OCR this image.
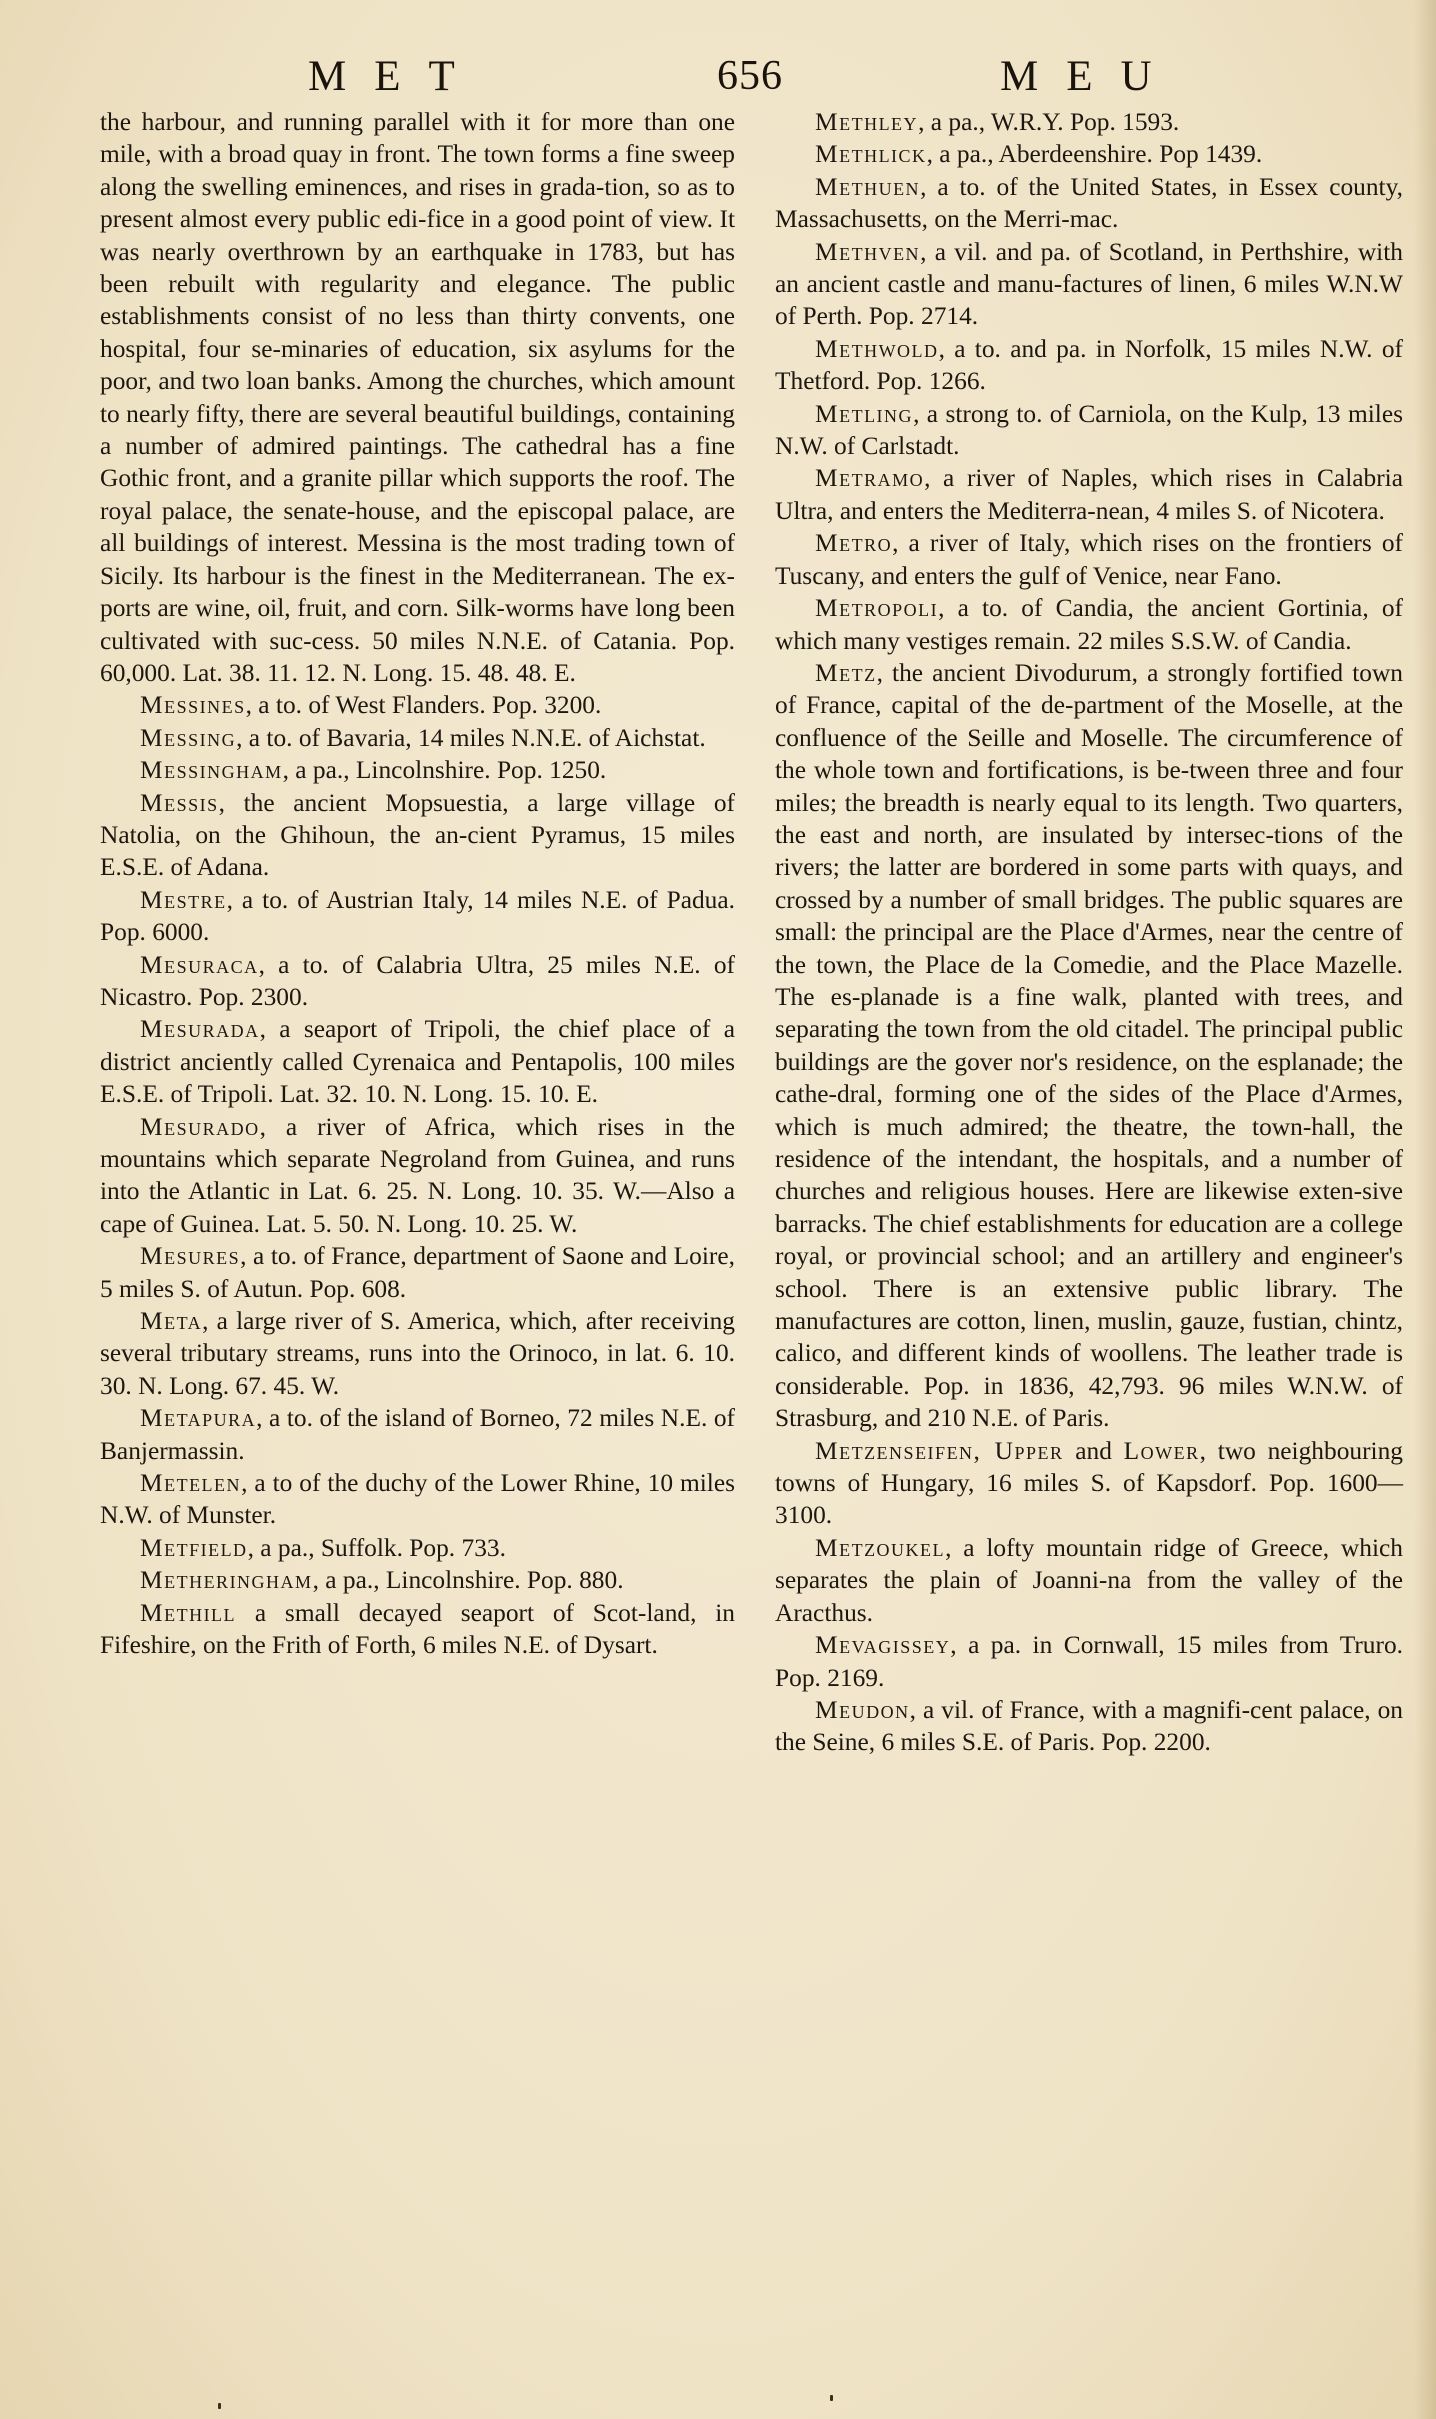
MET	656	MEU

the harbour, and running parallel with it for more than one mile, with a broad quay in front. The town forms a fine sweep along the swelling eminences, and rises in grada-tion, so as to present almost every public edi-fice in a good point of view. It was nearly overthrown by an earthquake in 1783, but has been rebuilt with regularity and elegance. The public establishments consist of no less than thirty convents, one hospital, four se-minaries of education, six asylums for the poor, and two loan banks. Among the churches, which amount to nearly fifty, there are several beautiful buildings, containing a number of admired paintings. The cathedral has a fine Gothic front, and a granite pillar which supports the roof. The royal palace, the senate-house, and the episcopal palace, are all buildings of interest. Messina is the most trading town of Sicily. Its harbour is the finest in the Mediterranean. The ex-ports are wine, oil, fruit, and corn. Silk-worms have long been cultivated with suc-cess. 50 miles N.N.E. of Catania. Pop. 60,000. Lat. 38. 11. 12. N. Long. 15. 48. 48. E.

Messines, a to. of West Flanders. Pop. 3200.

Messing, a to. of Bavaria, 14 miles N.N.E. of Aichstat.

Messingham, a pa., Lincolnshire. Pop. 1250.

Messis, the ancient Mopsuestia, a large village of Natolia, on the Ghihoun, the an-cient Pyramus, 15 miles E.S.E. of Adana.

Mestre, a to. of Austrian Italy, 14 miles N.E. of Padua. Pop. 6000.

Mesuraca, a to. of Calabria Ultra, 25 miles N.E. of Nicastro. Pop. 2300.

Mesurada, a seaport of Tripoli, the chief place of a district anciently called Cyrenaica and Pentapolis, 100 miles E.S.E. of Tripoli. Lat. 32. 10. N. Long. 15. 10. E.

Mesurado, a river of Africa, which rises in the mountains which separate Negroland from Guinea, and runs into the Atlantic in Lat. 6. 25. N. Long. 10. 35. W.—Also a cape of Guinea. Lat. 5. 50. N. Long. 10. 25. W.

Mesures, a to. of France, department of Saone and Loire, 5 miles S. of Autun. Pop. 608.

Meta, a large river of S. America, which, after receiving several tributary streams, runs into the Orinoco, in lat. 6. 10. 30. N. Long. 67. 45. W.

Metapura, a to. of the island of Borneo, 72 miles N.E. of Banjermassin.

Metelen, a to of the duchy of the Lower Rhine, 10 miles N.W. of Munster.

Metfield, a pa., Suffolk. Pop. 733.

Metheringham, a pa., Lincolnshire. Pop. 880.

Methill a small decayed seaport of Scot-land, in Fifeshire, on the Frith of Forth, 6 miles N.E. of Dysart.

Methley, a pa., W.R.Y. Pop. 1593.

Methlick, a pa., Aberdeenshire. Pop 1439.

Methuen, a to. of the United States, in Essex county, Massachusetts, on the Merri-mac.

Methven, a vil. and pa. of Scotland, in Perthshire, with an ancient castle and manu-factures of linen, 6 miles W.N.W of Perth. Pop. 2714.

Methwold, a to. and pa. in Norfolk, 15 miles N.W. of Thetford. Pop. 1266.

Metling, a strong to. of Carniola, on the Kulp, 13 miles N.W. of Carlstadt.

Metramo, a river of Naples, which rises in Calabria Ultra, and enters the Mediterra-nean, 4 miles S. of Nicotera.

Metro, a river of Italy, which rises on the frontiers of Tuscany, and enters the gulf of Venice, near Fano.

Metropoli, a to. of Candia, the ancient Gortinia, of which many vestiges remain. 22 miles S.S.W. of Candia.

Metz, the ancient Divodurum, a strongly fortified town of France, capital of the de-partment of the Moselle, at the confluence of the Seille and Moselle. The circumference of the whole town and fortifications, is be-tween three and four miles; the breadth is nearly equal to its length. Two quarters, the east and north, are insulated by intersec-tions of the rivers; the latter are bordered in some parts with quays, and crossed by a number of small bridges. The public squares are small: the principal are the Place d'Armes, near the centre of the town, the Place de la Comedie, and the Place Mazelle. The es-planade is a fine walk, planted with trees, and separating the town from the old citadel. The principal public buildings are the gover nor's residence, on the esplanade; the cathe-dral, forming one of the sides of the Place d'Armes, which is much admired; the theatre, the town-hall, the residence of the intendant, the hospitals, and a number of churches and religious houses. Here are likewise exten-sive barracks. The chief establishments for education are a college royal, or provincial school; and an artillery and engineer's school. There is an extensive public library. The manufactures are cotton, linen, muslin, gauze, fustian, chintz, calico, and different kinds of woollens. The leather trade is considerable. Pop. in 1836, 42,793. 96 miles W.N.W. of Strasburg, and 210 N.E. of Paris.

Metzenseifen, Upper and Lower, two neighbouring towns of Hungary, 16 miles S. of Kapsdorf. Pop. 1600—3100.

Metzoukel, a lofty mountain ridge of Greece, which separates the plain of Joanni-na from the valley of the Aracthus.

Mevagissey, a pa. in Cornwall, 15 miles from Truro. Pop. 2169.

Meudon, a vil. of France, with a magnifi-cent palace, on the Seine, 6 miles S.E. of Paris. Pop. 2200.
